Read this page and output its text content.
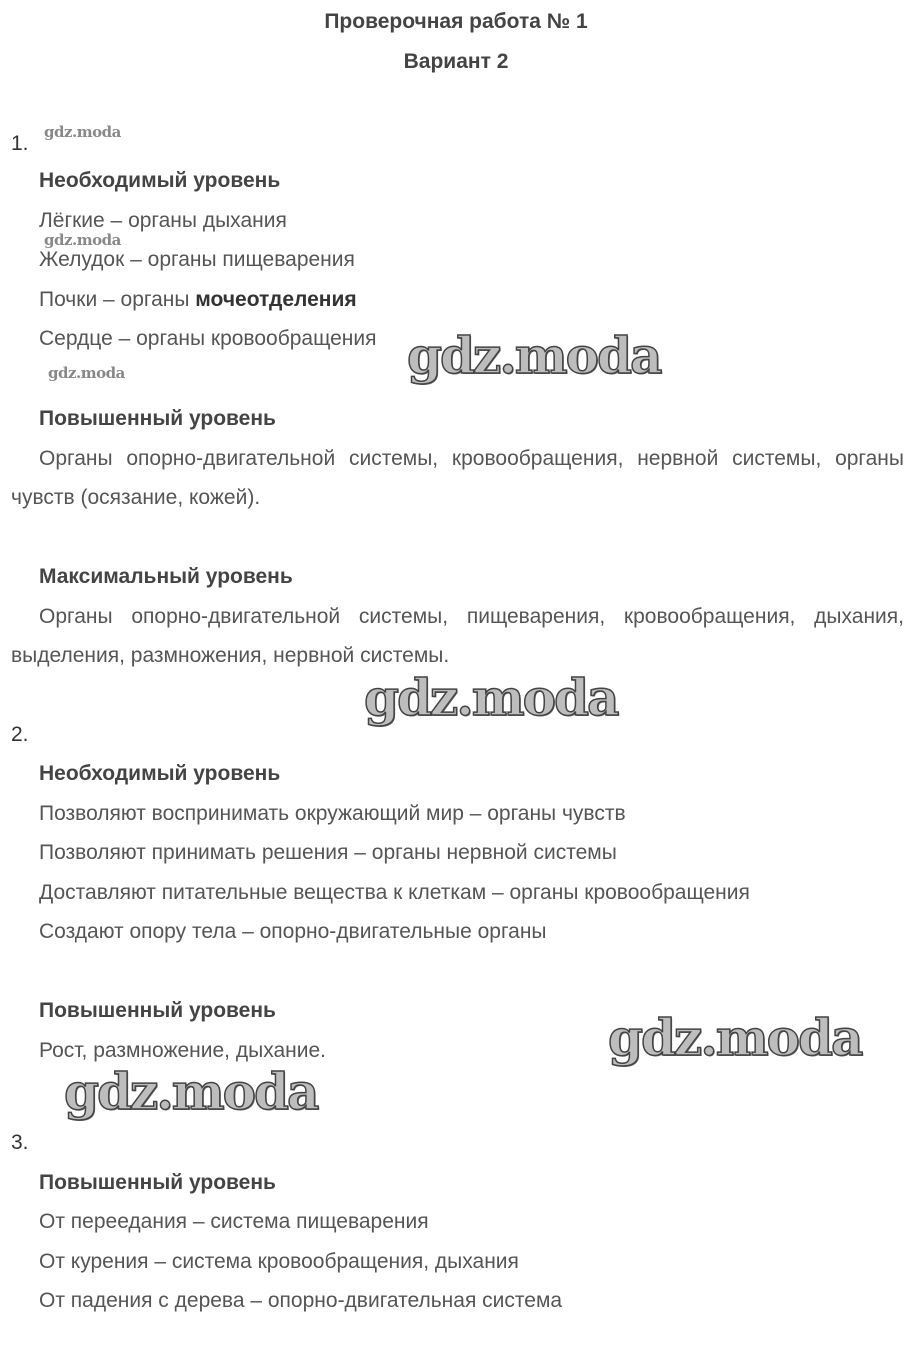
Проверочная работа № 1
Вариант 2
1. gdz.moda
Необходимый уровень
Лёгкие – органы дыхания
gdz.moda
Желудок – органы пищеварения
Почки – органы мочеотделения
Сердце – органы кровообращения gdz.moda
gdz.moda
Повышенный уровень
Органы опорно-двигательной системы, кровообращения, нервной системы, органы чувств (осязание, кожей).
Максимальный уровень
Органы опорно-двигательной системы, пищеварения, кровообращения, дыхания, выделения, размножения, нервной системы.
gdz.moda
2.
Необходимый уровень
Позволяют воспринимать окружающий мир – органы чувств
Позволяют принимать решения – органы нервной системы
Доставляют питательные вещества к клеткам – органы кровообращения
Создают опору тела – опорно-двигательные органы
Повышенный уровень	gdz.moda
Рост, размножение, дыхание.
gdz.moda
3.
Повышенный уровень
От переедания – система пищеварения
От курения – система кровообращения, дыхания
От падения с дерева – опорно-двигательная система
